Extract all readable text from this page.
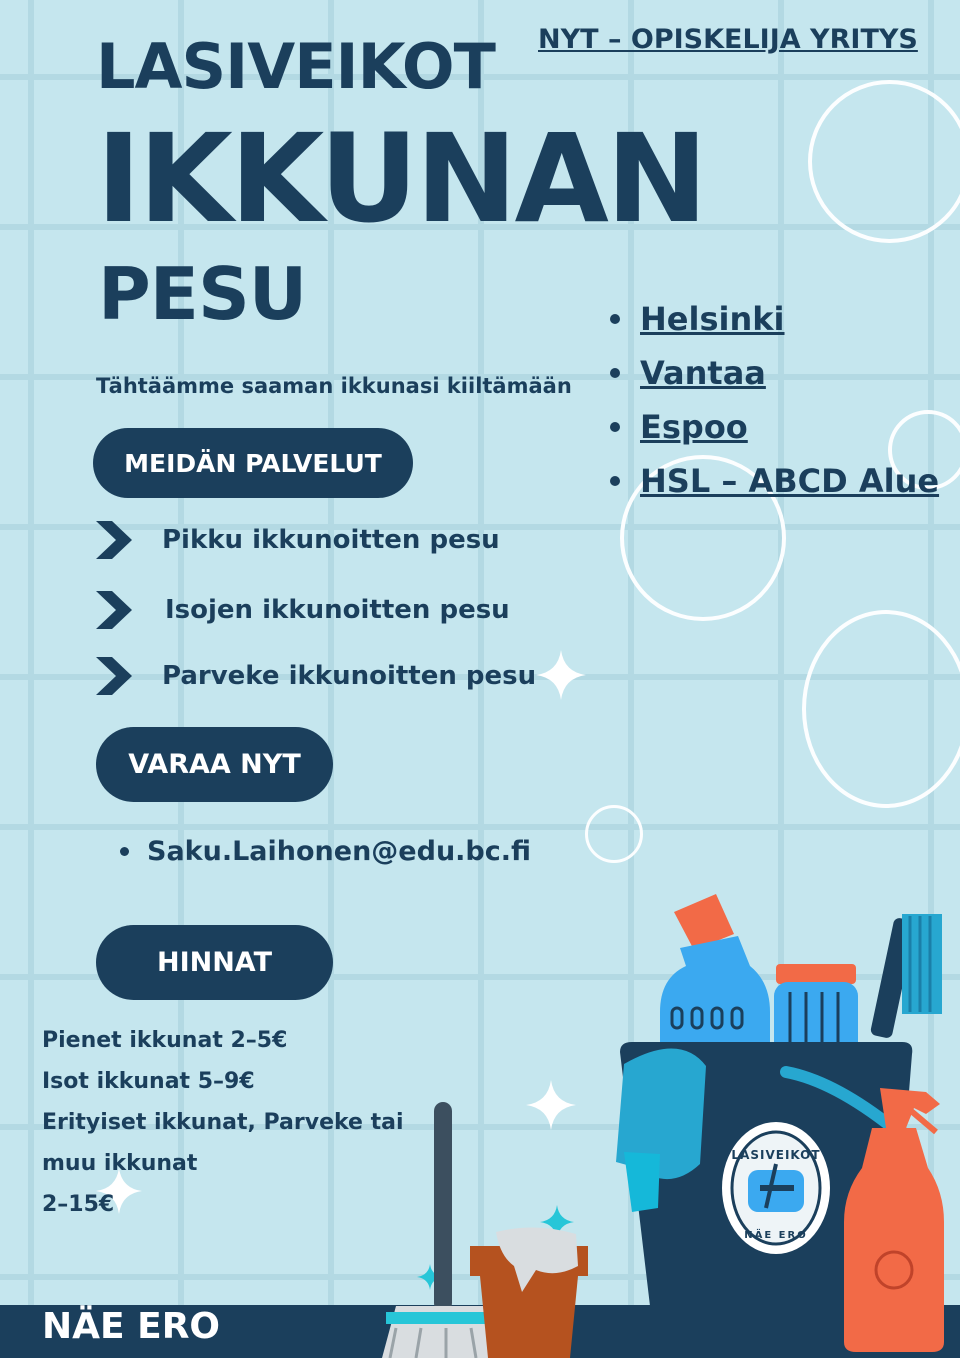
NYT – OPISKELIJA YRITYS
LASIVEIKOT
IKKUNAN
PESU
Tähtäämme saaman ikkunasi kiiltämään
Helsinki
Vantaa
Espoo
HSL – ABCD Alue
MEIDÄN PALVELUT
Pikku ikkunoitten pesu
Isojen ikkunoitten pesu
Parveke ikkunoitten pesu
VARAA NYT
Saku.Laihonen@edu.bc.fi
HINNAT
Pienet ikkunat 2–5€
Isot ikkunat 5–9€
Erityiset ikkunat, Parveke tai
muu ikkunat
2–15€
NÄE ERO
LASIVEIKOT
NÄE ERO
